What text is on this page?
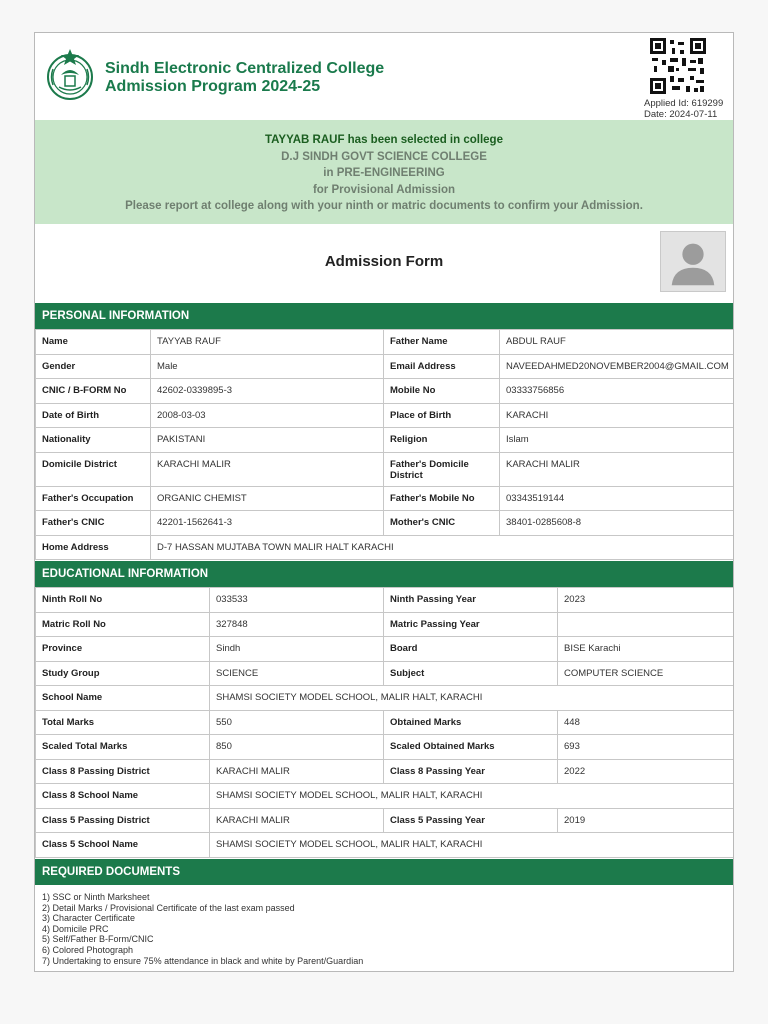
Sindh Electronic Centralized College
Admission Program 2024-25
Applied Id: 619299
Date: 2024-07-11
TAYYAB RAUF has been selected in college
D.J SINDH GOVT SCIENCE COLLEGE
in PRE-ENGINEERING
for Provisional Admission
Please report at college along with your ninth or matric documents to confirm your Admission.
Admission Form
PERSONAL INFORMATION
Name	TAYYAB RAUF	Father Name	ABDUL RAUF
Gender	Male	Email Address	NAVEEDAHMED20NOVEMBER2004@GMAIL.COM
CNIC / B-FORM No	42602-0339895-3	Mobile No	03333756856
Date of Birth	2008-03-03	Place of Birth	KARACHI
Nationality	PAKISTANI	Religion	Islam
Domicile District	KARACHI MALIR	Father's Domicile District	KARACHI MALIR
Father's Occupation	ORGANIC CHEMIST	Father's Mobile No	03343519144
Father's CNIC	42201-1562641-3	Mother's CNIC	38401-0285608-8
Home Address	D-7 HASSAN MUJTABA TOWN MALIR HALT KARACHI		
EDUCATIONAL INFORMATION
Ninth Roll No	033533	Ninth Passing Year	2023
Matric Roll No	327848	Matric Passing Year	
Province	Sindh	Board	BISE Karachi
Study Group	SCIENCE	Subject	COMPUTER SCIENCE
School Name	SHAMSI SOCIETY MODEL SCHOOL, MALIR HALT, KARACHI		
Total Marks	550	Obtained Marks	448
Scaled Total Marks	850	Scaled Obtained Marks	693
Class 8 Passing District	KARACHI MALIR	Class 8 Passing Year	2022
Class 8 School Name	SHAMSI SOCIETY MODEL SCHOOL, MALIR HALT, KARACHI		
Class 5 Passing District	KARACHI MALIR	Class 5 Passing Year	2019
Class 5 School Name	SHAMSI SOCIETY MODEL SCHOOL, MALIR HALT, KARACHI		
REQUIRED DOCUMENTS
1) SSC or Ninth Marksheet
2) Detail Marks / Provisional Certificate of the last exam passed
3) Character Certificate
4) Domicile PRC
5) Self/Father B-Form/CNIC
6) Colored Photograph
7) Undertaking to ensure 75% attendance in black and white by Parent/Guardian
